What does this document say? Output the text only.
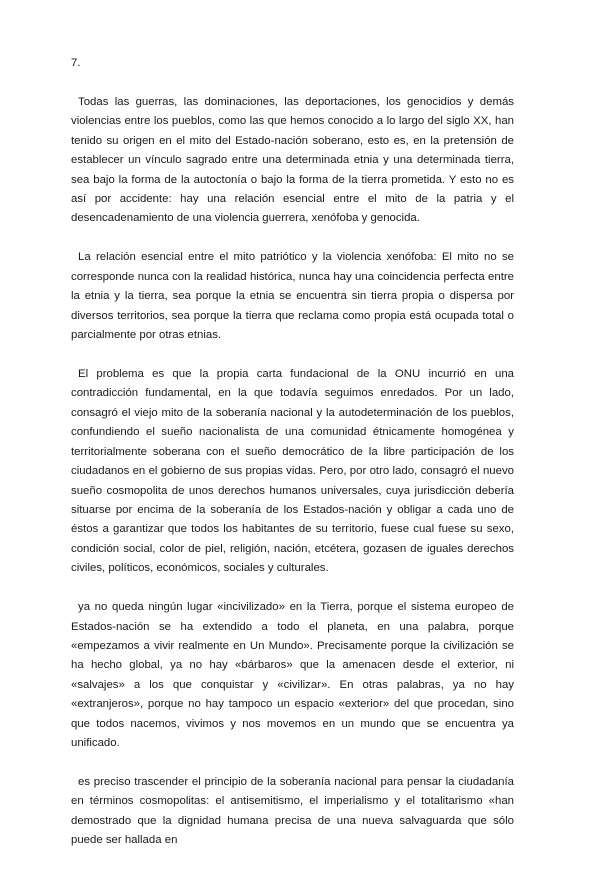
7.

Todas las guerras, las dominaciones, las deportaciones, los genocidios y demás violencias entre los pueblos, como las que hemos conocido a lo largo del siglo XX, han tenido su origen en el mito del Estado-nación soberano, esto es, en la pretensión de establecer un vínculo sagrado entre una determinada etnia y una determinada tierra, sea bajo la forma de la autoctonía o bajo la forma de la tierra prometida. Y esto no es así por accidente: hay una relación esencial entre el mito de la patria y el desencadenamiento de una violencia guerrera, xenófoba y genocida.

La relación esencial entre el mito patriótico y la violencia xenófoba: El mito no se corresponde nunca con la realidad histórica, nunca hay una coincidencia perfecta entre la etnia y la tierra, sea porque la etnia se encuentra sin tierra propia o dispersa por diversos territorios, sea porque la tierra que reclama como propia está ocupada total o parcialmente por otras etnias.

El problema es que la propia carta fundacional de la ONU incurrió en una contradicción fundamental, en la que todavía seguimos enredados. Por un lado, consagró el viejo mito de la soberanía nacional y la autodeterminación de los pueblos, confundiendo el sueño nacionalista de una comunidad étnicamente homogénea y territorialmente soberana con el sueño democrático de la libre participación de los ciudadanos en el gobierno de sus propias vidas. Pero, por otro lado, consagró el nuevo sueño cosmopolita de unos derechos humanos universales, cuya jurisdicción debería situarse por encima de la soberanía de los Estados-nación y obligar a cada uno de éstos a garantizar que todos los habitantes de su territorio, fuese cual fuese su sexo, condición social, color de piel, religión, nación, etcétera, gozasen de iguales derechos civiles, políticos, económicos, sociales y culturales.

ya no queda ningún lugar «incivilizado» en la Tierra, porque el sistema europeo de Estados-nación se ha extendido a todo el planeta, en una palabra, porque «empezamos a vivir realmente en Un Mundo». Precisamente porque la civilización se ha hecho global, ya no hay «bárbaros» que la amenacen desde el exterior, ni «salvajes» a los que conquistar y «civilizar». En otras palabras, ya no hay «extranjeros», porque no hay tampoco un espacio «exterior» del que procedan, sino que todos nacemos, vivimos y nos movemos en un mundo que se encuentra ya unificado.

es preciso trascender el principio de la soberanía nacional para pensar la ciudadanía en términos cosmopolitas: el antisemitismo, el imperialismo y el totalitarismo «han demostrado que la dignidad humana precisa de una nueva salvaguarda que sólo puede ser hallada en
